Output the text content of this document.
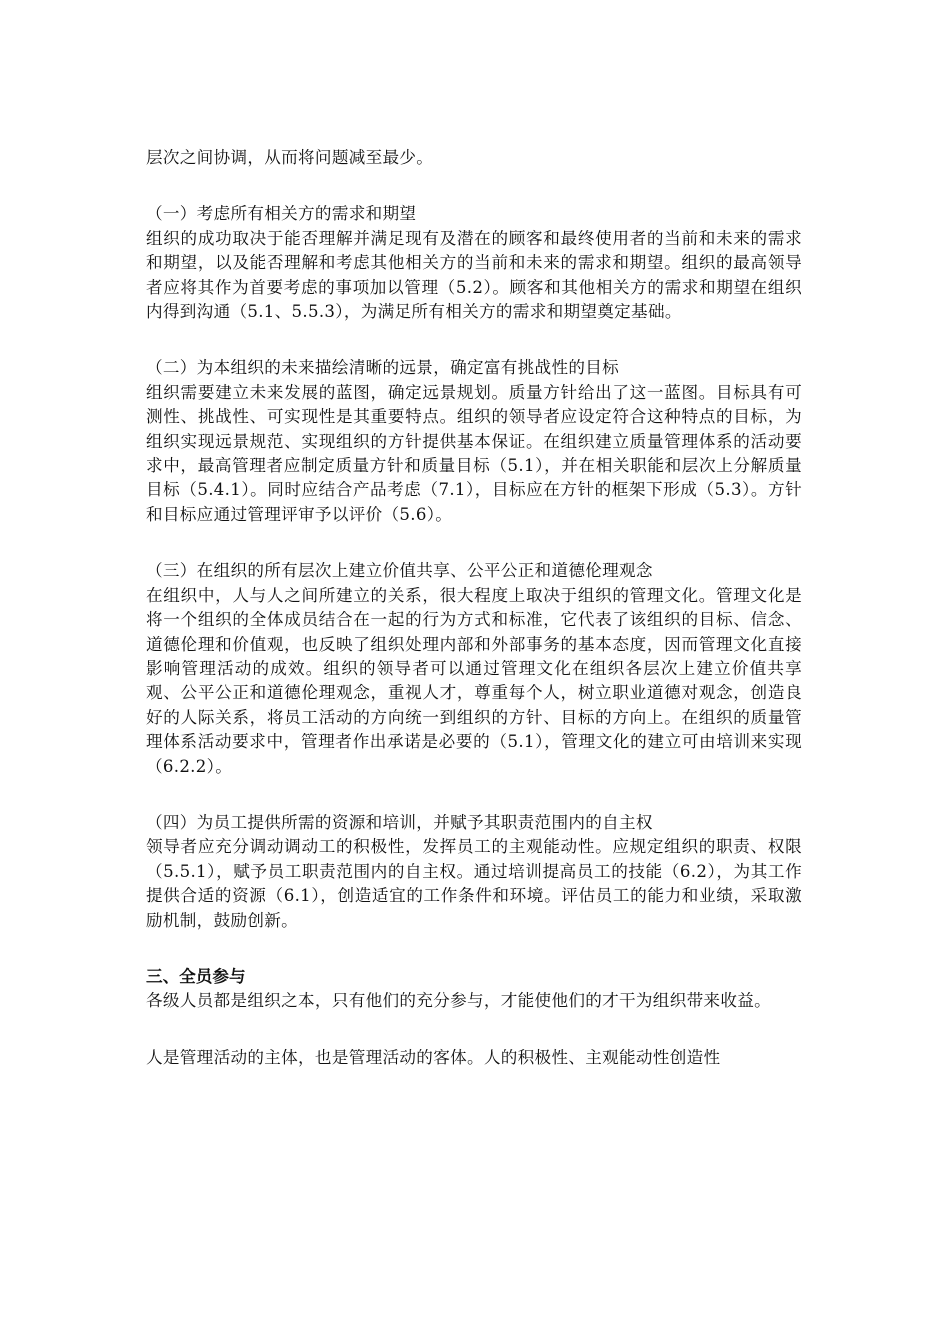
层次之间协调，从而将问题减至最少。

（一）考虑所有相关方的需求和期望

组织的成功取决于能否理解并满足现有及潜在的顾客和最终使用者的当前和未来的需求和期望，以及能否理解和考虑其他相关方的当前和未来的需求和期望。组织的最高领导者应将其作为首要考虑的事项加以管理（5.2）。顾客和其他相关方的需求和期望在组织内得到沟通（5.1、5.5.3），为满足所有相关方的需求和期望奠定基础。

（二）为本组织的未来描绘清晰的远景，确定富有挑战性的目标

组织需要建立未来发展的蓝图，确定远景规划。质量方针给出了这一蓝图。目标具有可测性、挑战性、可实现性是其重要特点。组织的领导者应设定符合这种特点的目标，为组织实现远景规范、实现组织的方针提供基本保证。在组织建立质量管理体系的活动要求中，最高管理者应制定质量方针和质量目标（5.1），并在相关职能和层次上分解质量目标（5.4.1）。同时应结合产品考虑（7.1），目标应在方针的框架下形成（5.3）。方针和目标应通过管理评审予以评价（5.6）。

（三）在组织的所有层次上建立价值共享、公平公正和道德伦理观念

在组织中，人与人之间所建立的关系，很大程度上取决于组织的管理文化。管理文化是将一个组织的全体成员结合在一起的行为方式和标准，它代表了该组织的目标、信念、道德伦理和价值观，也反映了组织处理内部和外部事务的基本态度，因而管理文化直接影响管理活动的成效。组织的领导者可以通过管理文化在组织各层次上建立价值共享观、公平公正和道德伦理观念，重视人才，尊重每个人，树立职业道德对观念，创造良好的人际关系，将员工活动的方向统一到组织的方针、目标的方向上。在组织的质量管理体系活动要求中，管理者作出承诺是必要的（5.1），管理文化的建立可由培训来实现（6.2.2）。

（四）为员工提供所需的资源和培训，并赋予其职责范围内的自主权

领导者应充分调动调动工的积极性，发挥员工的主观能动性。应规定组织的职责、权限（5.5.1），赋予员工职责范围内的自主权。通过培训提高员工的技能（6.2），为其工作提供合适的资源（6.1），创造适宜的工作条件和环境。评估员工的能力和业绩，采取激励机制，鼓励创新。

三、全员参与

各级人员都是组织之本，只有他们的充分参与，才能使他们的才干为组织带来收益。

人是管理活动的主体，也是管理活动的客体。人的积极性、主观能动性创造性
